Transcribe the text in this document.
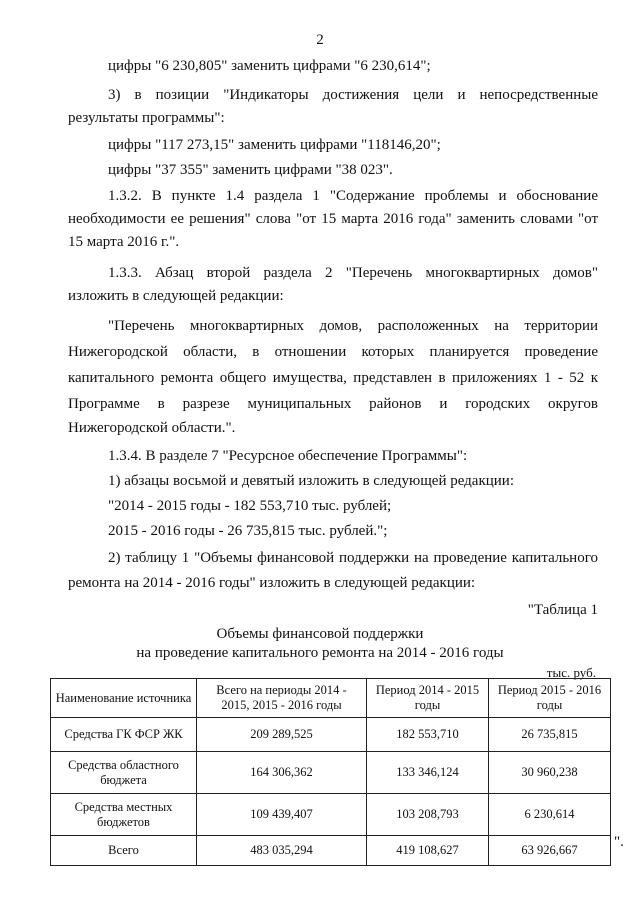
2
цифры "6 230,805" заменить цифрами "6 230,614";
3) в позиции "Индикаторы достижения цели и непосредственные
результаты программы":
цифры "117 273,15" заменить цифрами "118146,20";
цифры "37 355" заменить цифрами "38 023".
1.3.2. В пункте 1.4 раздела 1 "Содержание проблемы и обоснование
необходимости ее решения" слова "от 15 марта 2016 года" заменить словами "от
15 марта 2016 г.".
1.3.3. Абзац второй раздела 2 "Перечень многоквартирных домов"
изложить в следующей редакции:
"Перечень многоквартирных домов, расположенных на территории
Нижегородской области, в отношении которых планируется проведение
капитального ремонта общего имущества, представлен в приложениях 1 - 52 к
Программе в разрезе муниципальных районов и городских округов
Нижегородской области.".
1.3.4. В разделе 7 "Ресурсное обеспечение Программы":
1) абзацы восьмой и девятый изложить в следующей редакции:
"2014 - 2015 годы - 182 553,710 тыс. рублей;
2015 - 2016 годы - 26 735,815 тыс. рублей.";
2) таблицу 1 "Объемы финансовой поддержки на проведение капитального
ремонта на 2014 - 2016 годы" изложить в следующей редакции:
"Таблица 1
Объемы финансовой поддержки
на проведение капитального ремонта на 2014 - 2016 годы
тыс. руб.
Наименование источника	Всего на периоды 2014 - 2015, 2015 - 2016 годы	Период 2014 - 2015 годы	Период 2015 - 2016 годы
Средства ГК ФСР ЖК	209 289,525	182 553,710	26 735,815
Средства областного бюджета	164 306,362	133 346,124	30 960,238
Средства местных бюджетов	109 439,407	103 208,793	6 230,614
Всего	483 035,294	419 108,627	63 926,667 ".
